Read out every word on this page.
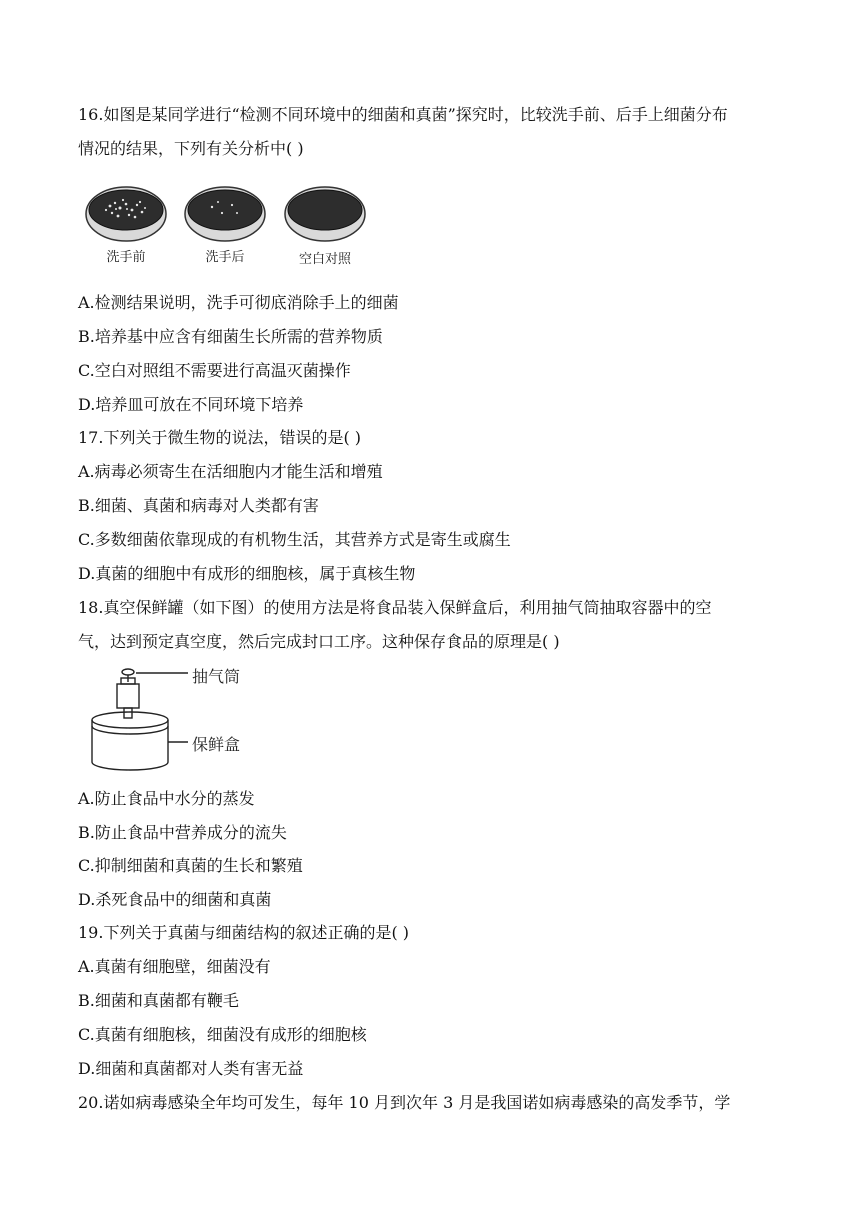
16.如图是某同学进行“检测不同环境中的细菌和真菌”探究时，比较洗手前、后手上细菌分布
情况的结果，下列有关分析中( )
洗手前	洗手后	空白对照
A.检测结果说明，洗手可彻底消除手上的细菌
B.培养基中应含有细菌生长所需的营养物质
C.空白对照组不需要进行高温灭菌操作
D.培养皿可放在不同环境下培养
17.下列关于微生物的说法，错误的是( )
A.病毒必须寄生在活细胞内才能生活和增殖
B.细菌、真菌和病毒对人类都有害
C.多数细菌依靠现成的有机物生活，其营养方式是寄生或腐生
D.真菌的细胞中有成形的细胞核，属于真核生物
18.真空保鲜罐（如下图）的使用方法是将食品装入保鲜盒后，利用抽气筒抽取容器中的空
气，达到预定真空度，然后完成封口工序。这种保存食品的原理是( )
抽气筒
保鲜盒
A.防止食品中水分的蒸发
B.防止食品中营养成分的流失
C.抑制细菌和真菌的生长和繁殖
D.杀死食品中的细菌和真菌
19.下列关于真菌与细菌结构的叙述正确的是( )
A.真菌有细胞壁，细菌没有
B.细菌和真菌都有鞭毛
C.真菌有细胞核，细菌没有成形的细胞核
D.细菌和真菌都对人类有害无益
20.诺如病毒感染全年均可发生，每年 10 月到次年 3 月是我国诺如病毒感染的高发季节，学
